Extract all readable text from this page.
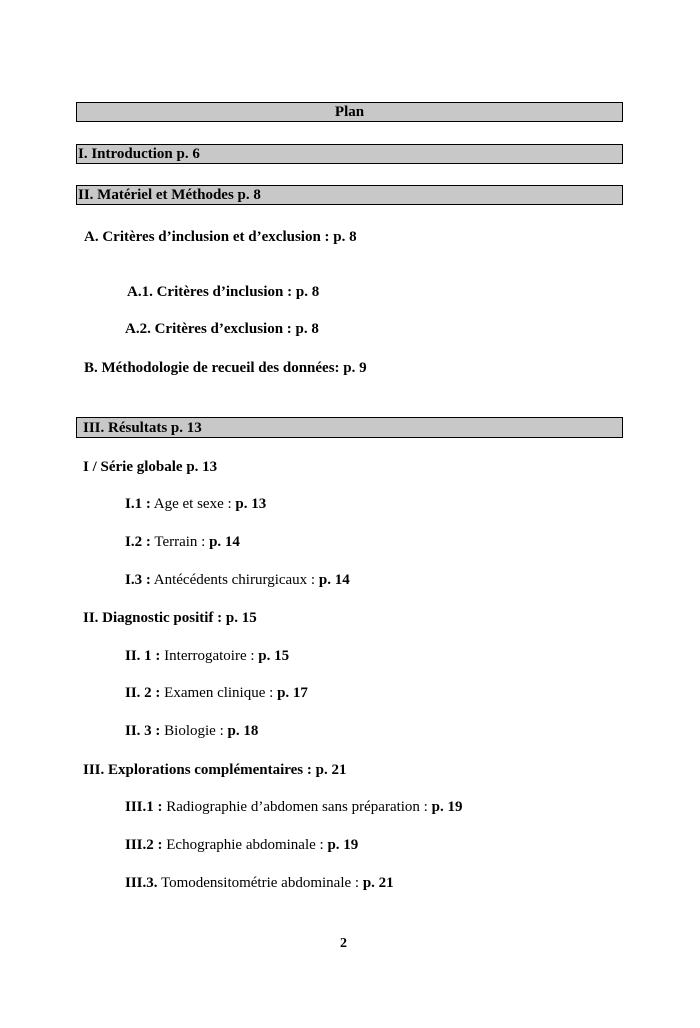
Plan
I. Introduction p. 6
II. Matériel et Méthodes p. 8
A. Critères d’inclusion et d’exclusion : p. 8
A.1. Critères d’inclusion : p. 8
A.2. Critères d’exclusion : p. 8
B. Méthodologie de recueil des données: p. 9
III. Résultats p. 13
I / Série globale p. 13
I.1 : Age et sexe : p. 13
I.2 : Terrain : p. 14
I.3 : Antécédents chirurgicaux : p. 14
II. Diagnostic positif : p. 15
II. 1 : Interrogatoire : p. 15
II. 2 : Examen clinique : p. 17
II. 3 : Biologie : p. 18
III. Explorations complémentaires : p. 21
III.1 : Radiographie d’abdomen sans préparation : p. 19
III.2 : Echographie abdominale : p. 19
III.3. Tomodensitométrie abdominale : p. 21
2
